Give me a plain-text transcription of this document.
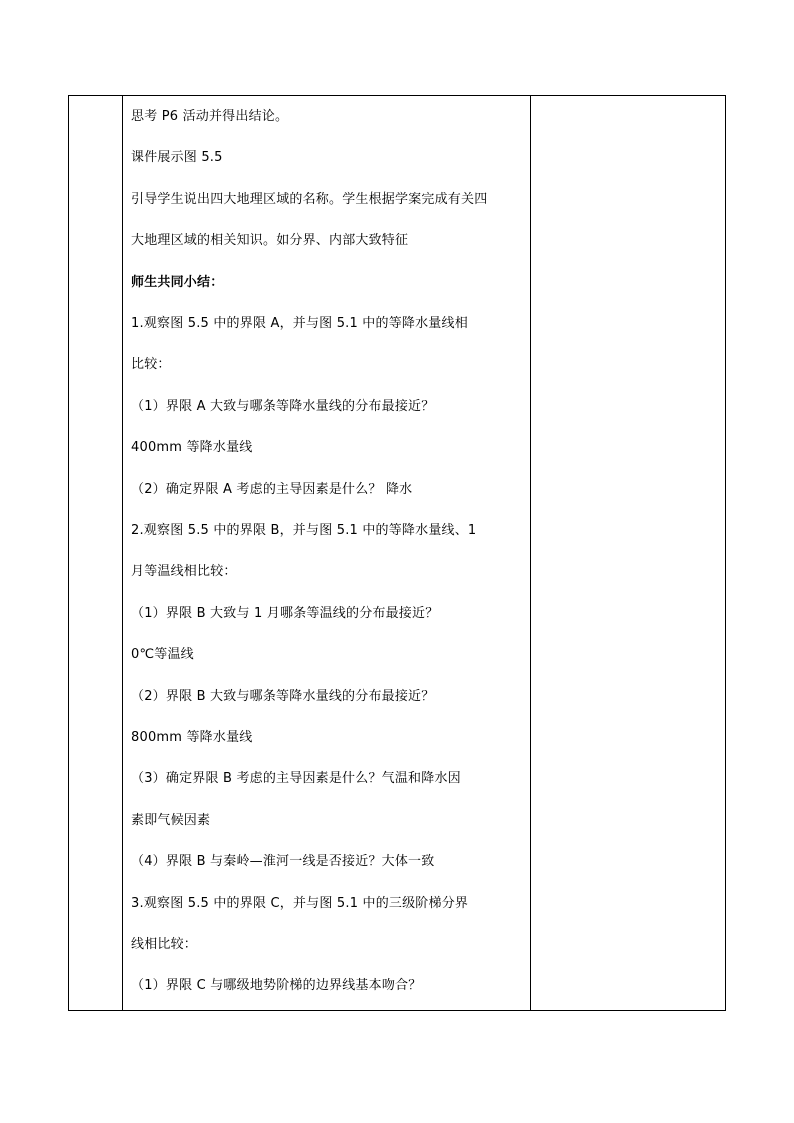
思考 P6 活动并得出结论。
课件展示图 5.5
引导学生说出四大地理区域的名称。学生根据学案完成有关四
大地理区域的相关知识。如分界、内部大致特征
师生共同小结：
1.观察图 5.5 中的界限 A，并与图 5.1 中的等降水量线相
比较：
（1）界限 A 大致与哪条等降水量线的分布最接近？
400mm 等降水量线
（2）确定界限 A 考虑的主导因素是什么？ 降水
2.观察图 5.5 中的界限 B，并与图 5.1 中的等降水量线、1
月等温线相比较：
（1）界限 B 大致与 1 月哪条等温线的分布最接近？
0℃等温线
（2）界限 B 大致与哪条等降水量线的分布最接近？
800mm 等降水量线
（3）确定界限 B 考虑的主导因素是什么？气温和降水因
素即气候因素
（4）界限 B 与秦岭—淮河一线是否接近？大体一致
3.观察图 5.5 中的界限 C，并与图 5.1 中的三级阶梯分界
线相比较：
（1）界限 C 与哪级地势阶梯的边界线基本吻合？
